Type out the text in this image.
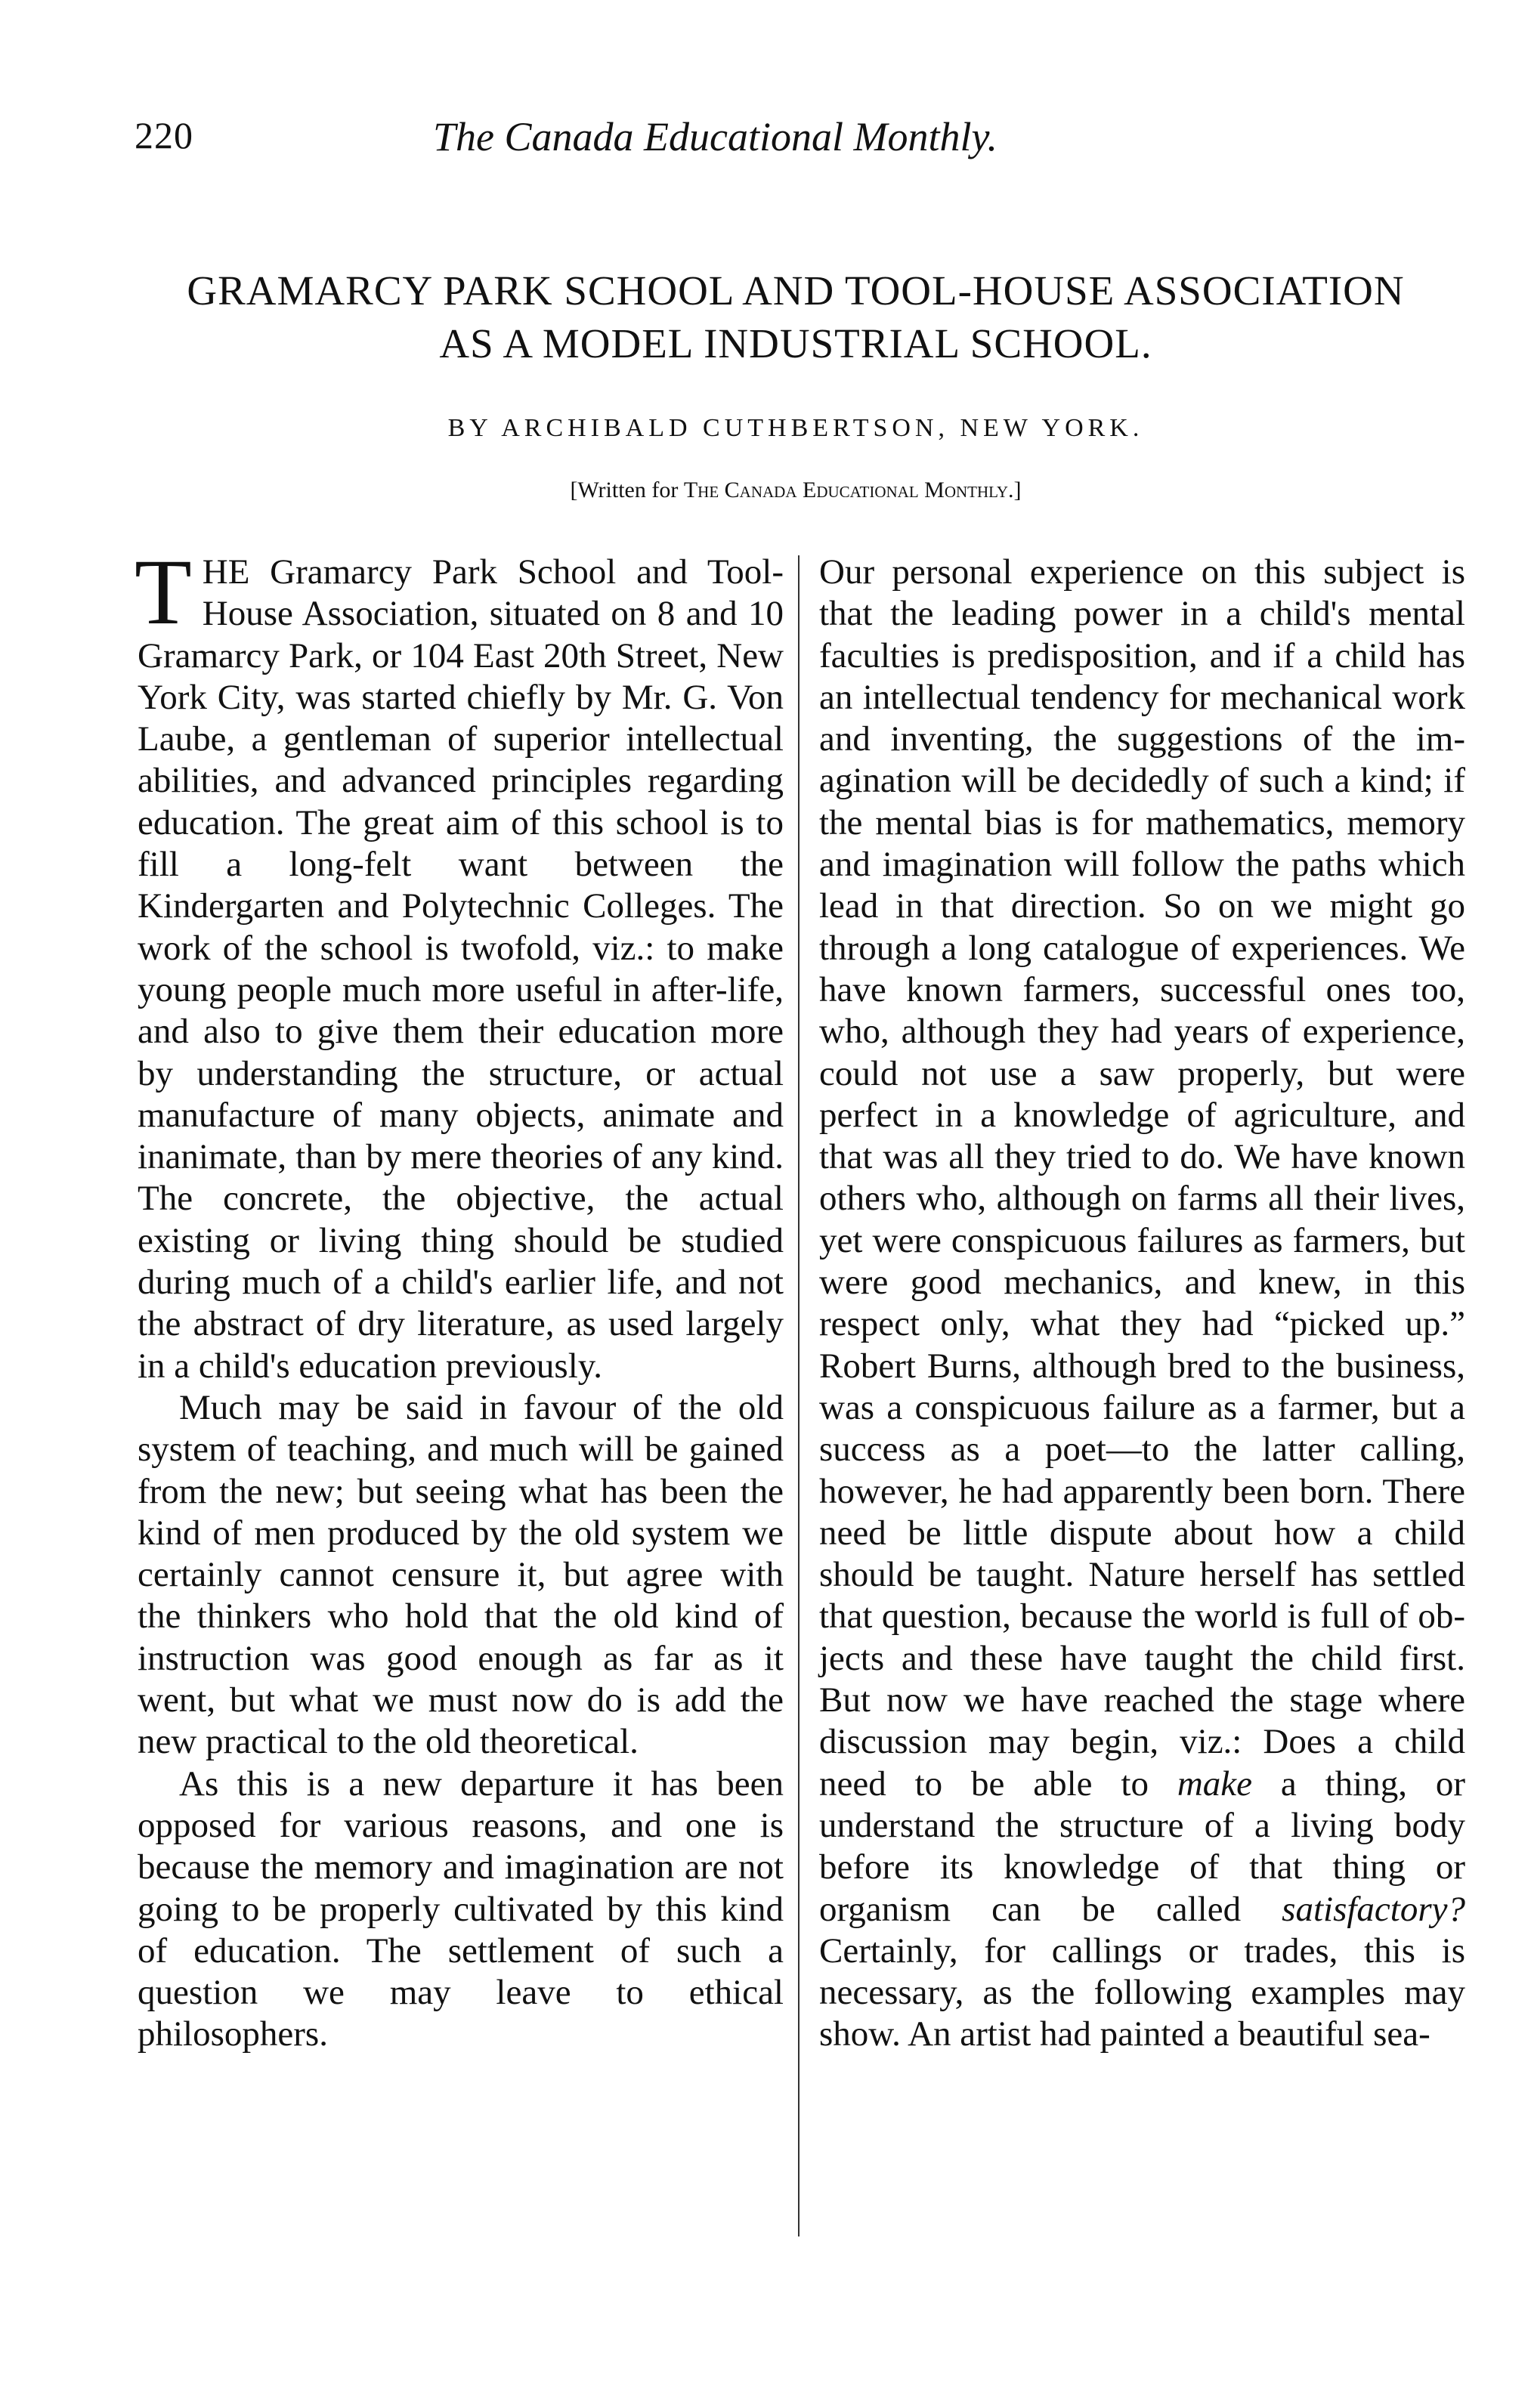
220	The Canada Educational Monthly.
GRAMARCY PARK SCHOOL AND TOOL-HOUSE ASSOCIATION
AS A MODEL INDUSTRIAL SCHOOL.
BY ARCHIBALD CUTHBERTSON, NEW YORK.
[Written for The Canada Educational Monthly.]

THE Gramarcy Park School and Tool-House Association, situated on 8 and 10 Gramarcy Park, or 104 East 20th Street, New York City, was started chiefly by Mr. G. Von Laube, a gentleman of superior intellectual abilities, and advanced principles regarding education. The great aim of this school is to fill a long-felt want between the Kindergarten and Polytechnic Colleges. The work of the school is twofold, viz.: to make young people much more useful in after-life, and also to give them their education more by understanding the structure, or actual manufacture of many objects, animate and inanimate, than by mere theories of any kind. The concrete, the objective, the actual existing or living thing should be studied during much of a child's earlier life, and not the abstract of dry literature, as used largely in a child's education previously.

Much may be said in favour of the old system of teaching, and much will be gained from the new; but seeing what has been the kind of men produced by the old system we certainly cannot censure it, but agree with the thinkers who hold that the old kind of instruction was good enough as far as it went, but what we must now do is add the new practical to the old theoretical.

As this is a new departure it has been opposed for various reasons, and one is because the memory and imagination are not going to be properly cultivated by this kind of education. The settlement of such a question we may leave to ethical philosophers.

Our personal experience on this subject is that the leading power in a child's mental faculties is predisposition, and if a child has an intellectual tendency for mechanical work and inventing, the suggestions of the imagination will be decidedly of such a kind; if the mental bias is for mathematics, memory and imagination will follow the paths which lead in that direction. So on we might go through a long catalogue of experiences. We have known farmers, successful ones too, who, although they had years of experience, could not use a saw properly, but were perfect in a knowledge of agriculture, and that was all they tried to do. We have known others who, although on farms all their lives, yet were conspicuous failures as farmers, but were good mechanics, and knew, in this respect only, what they had “picked up.” Robert Burns, although bred to the business, was a conspicuous failure as a farmer, but a success as a poet—to the latter calling, however, he had apparently been born. There need be little dispute about how a child should be taught. Nature herself has settled that question, because the world is full of objects and these have taught the child first. But now we have reached the stage where discussion may begin, viz.: Does a child need to be able to make a thing, or understand the structure of a living body before its knowledge of that thing or organism can be called satisfactory? Certainly, for callings or trades, this is necessary, as the following examples may show. An artist had painted a beautiful sea-
